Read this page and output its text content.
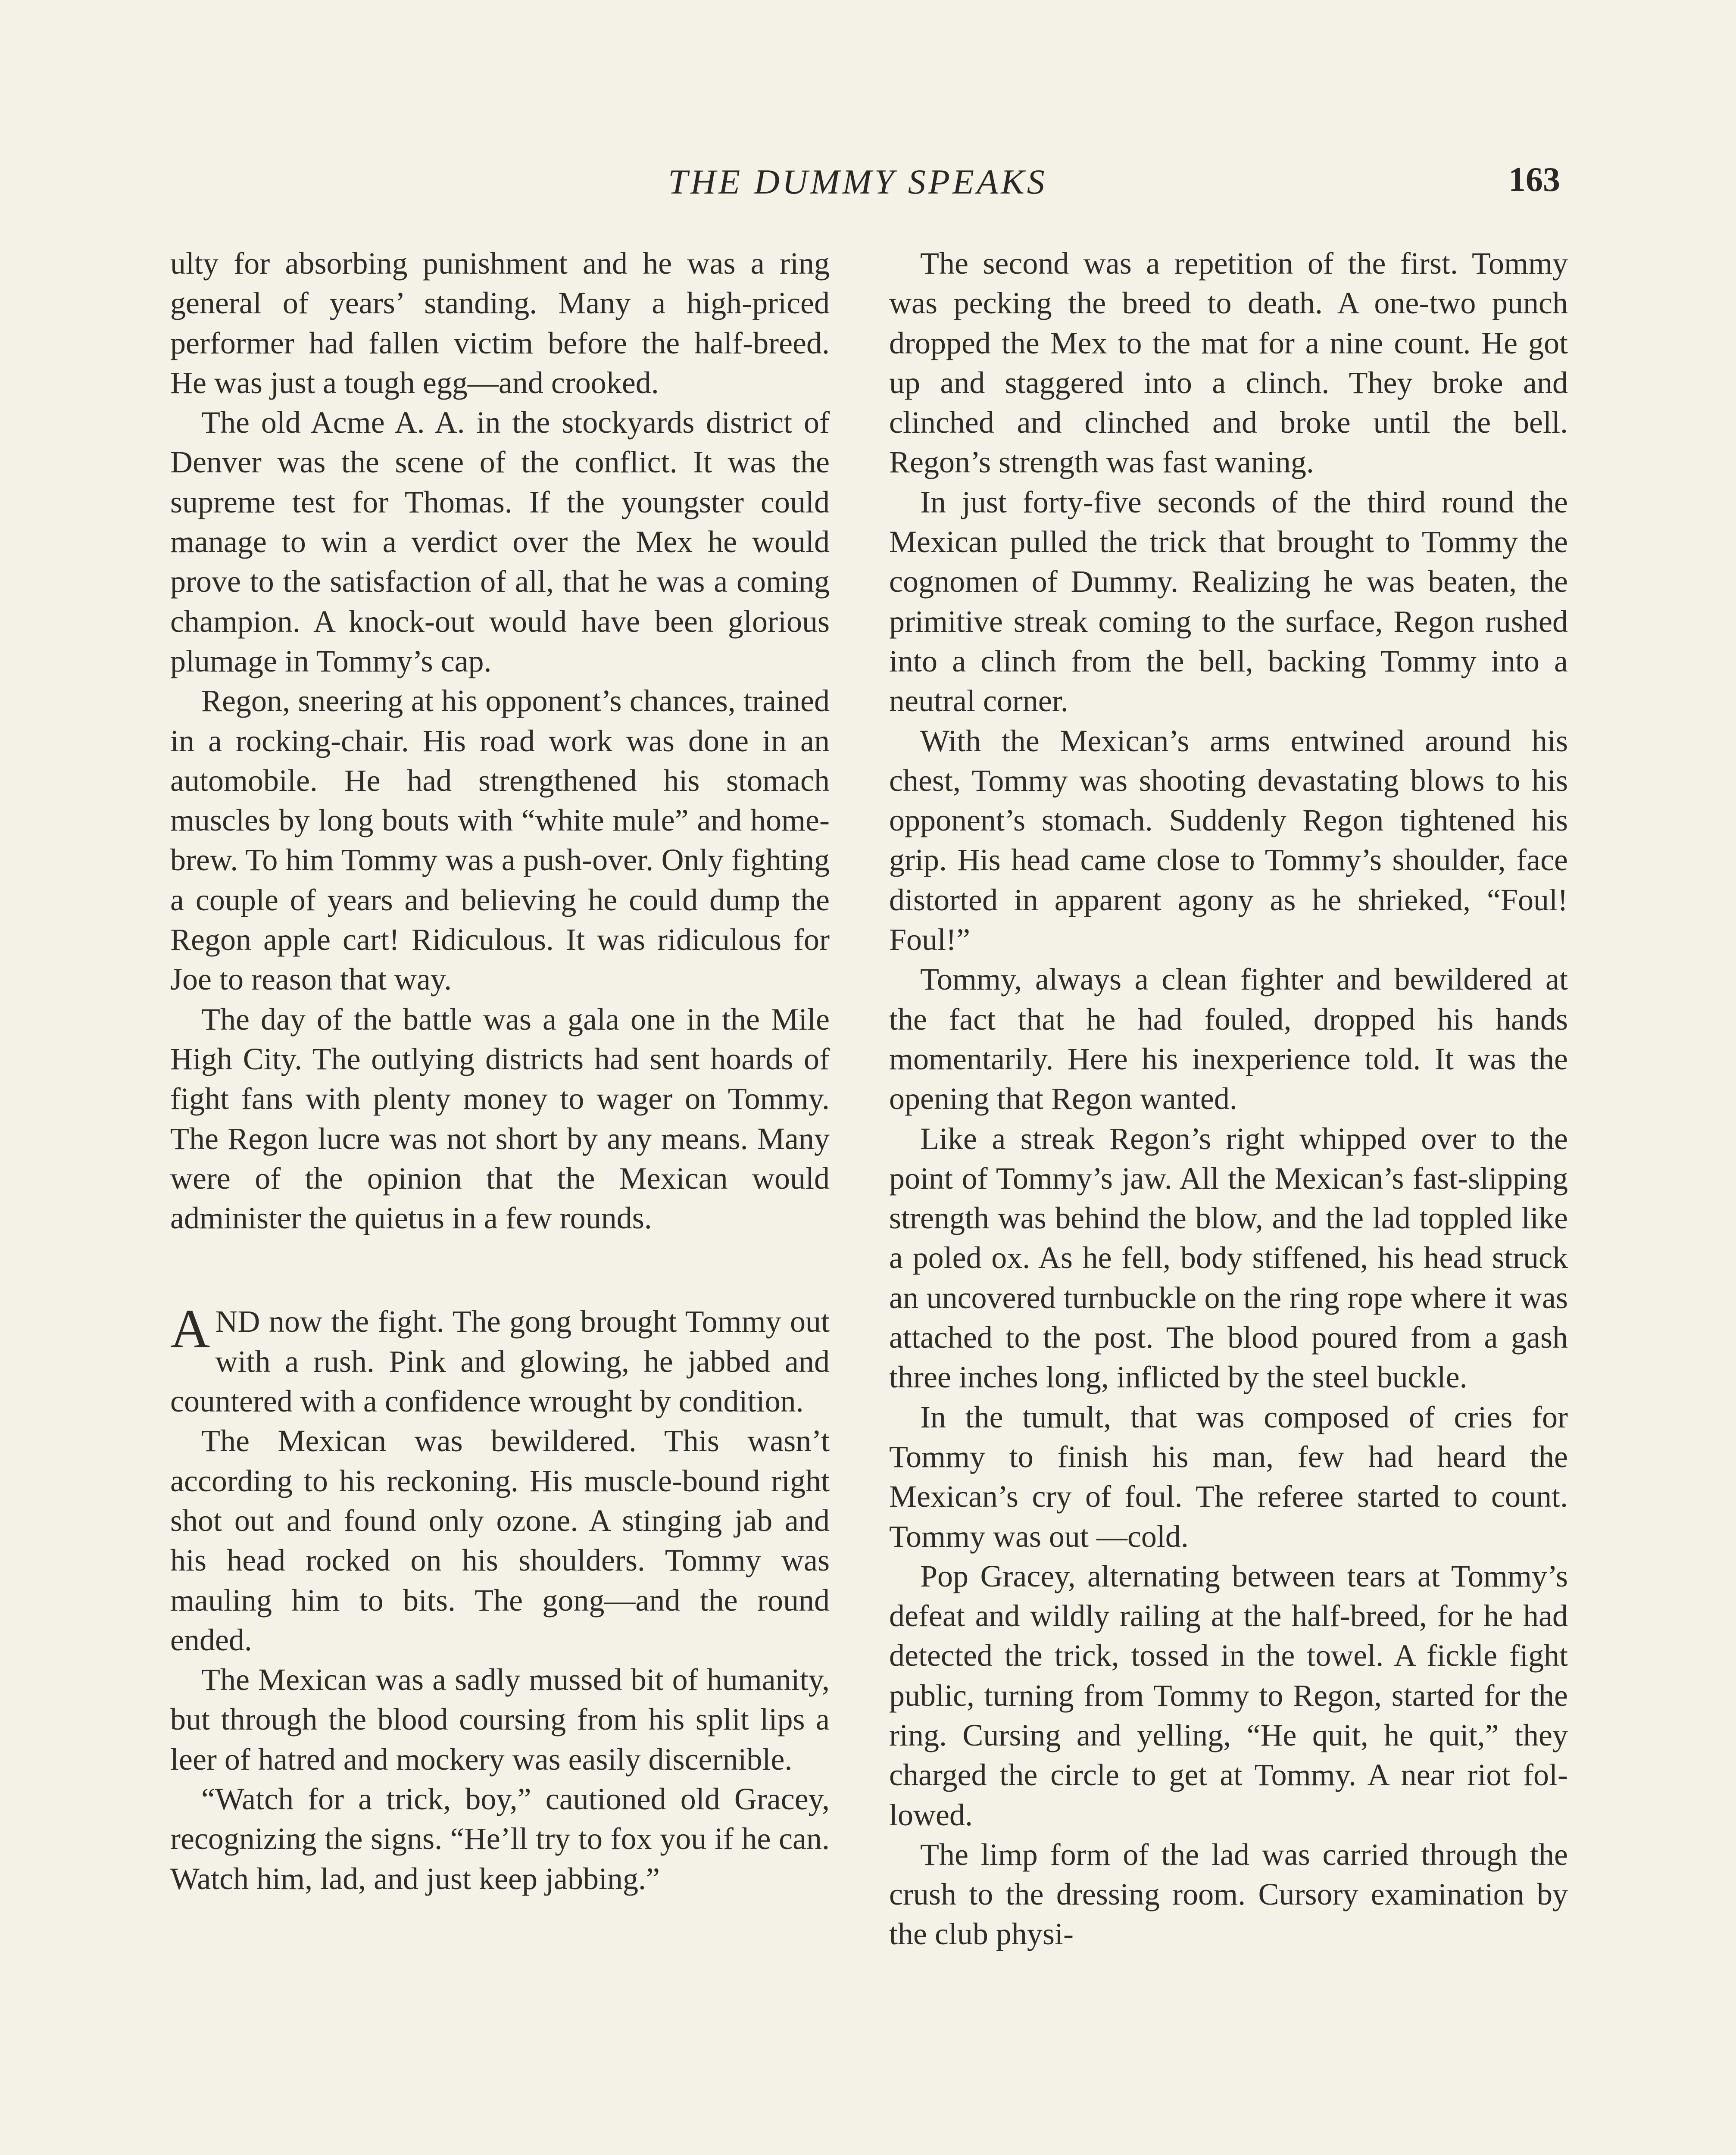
THE DUMMY SPEAKS	163

ulty for absorbing punishment and he was a ring general of years’ standing. Many a high-priced performer had fallen victim before the half-breed. He was just a tough egg—and crooked.

The old Acme A. A. in the stockyards district of Denver was the scene of the conflict. It was the supreme test for Thomas. If the youngster could manage to win a verdict over the Mex he would prove to the satisfaction of all, that he was a coming champion. A knock-out would have been glorious plumage in Tommy’s cap.

Regon, sneering at his opponent’s chances, trained in a rocking-chair. His road work was done in an automobile. He had strengthened his stomach muscles by long bouts with “white mule” and home-brew. To him Tommy was a push-over. Only fighting a couple of years and believing he could dump the Regon apple cart! Ridiculous. It was ridiculous for Joe to reason that way.

The day of the battle was a gala one in the Mile High City. The outlying districts had sent hoards of fight fans with plenty money to wager on Tommy. The Regon lucre was not short by any means. Many were of the opinion that the Mexican would administer the quietus in a few rounds.

AND now the fight. The gong brought Tommy out with a rush. Pink and glowing, he jabbed and countered with a confidence wrought by condition.

The Mexican was bewildered. This wasn’t according to his reckoning. His muscle-bound right shot out and found only ozone. A stinging jab and his head rocked on his shoulders. Tommy was mauling him to bits. The gong—and the round ended.

The Mexican was a sadly mussed bit of humanity, but through the blood coursing from his split lips a leer of hatred and mockery was easily discernible.

“Watch for a trick, boy,” cautioned old Gracey, recognizing the signs. “He’ll try to fox you if he can. Watch him, lad, and just keep jabbing.”

The second was a repetition of the first. Tommy was pecking the breed to death. A one-two punch dropped the Mex to the mat for a nine count. He got up and staggered into a clinch. They broke and clinched and clinched and broke until the bell. Regon’s strength was fast waning.

In just forty-five seconds of the third round the Mexican pulled the trick that brought to Tommy the cognomen of Dummy. Realizing he was beaten, the primitive streak coming to the surface, Regon rushed into a clinch from the bell, backing Tommy into a neutral corner.

With the Mexican’s arms entwined around his chest, Tommy was shooting devastating blows to his opponent’s stomach. Suddenly Regon tightened his grip. His head came close to Tommy’s shoulder, face distorted in apparent agony as he shrieked, “Foul! Foul!”

Tommy, always a clean fighter and bewildered at the fact that he had fouled, dropped his hands momentarily. Here his inexperience told. It was the opening that Regon wanted.

Like a streak Regon’s right whipped over to the point of Tommy’s jaw. All the Mexican’s fast-slipping strength was behind the blow, and the lad toppled like a poled ox. As he fell, body stiffened, his head struck an uncovered turnbuckle on the ring rope where it was attached to the post. The blood poured from a gash three inches long, inflicted by the steel buckle.

In the tumult, that was composed of cries for Tommy to finish his man, few had heard the Mexican’s cry of foul. The referee started to count. Tommy was out —cold.

Pop Gracey, alternating between tears at Tommy’s defeat and wildly railing at the half-breed, for he had detected the trick, tossed in the towel. A fickle fight public, turning from Tommy to Regon, started for the ring. Cursing and yelling, “He quit, he quit,” they charged the circle to get at Tommy. A near riot followed.

The limp form of the lad was carried through the crush to the dressing room. Cursory examination by the club physi-
